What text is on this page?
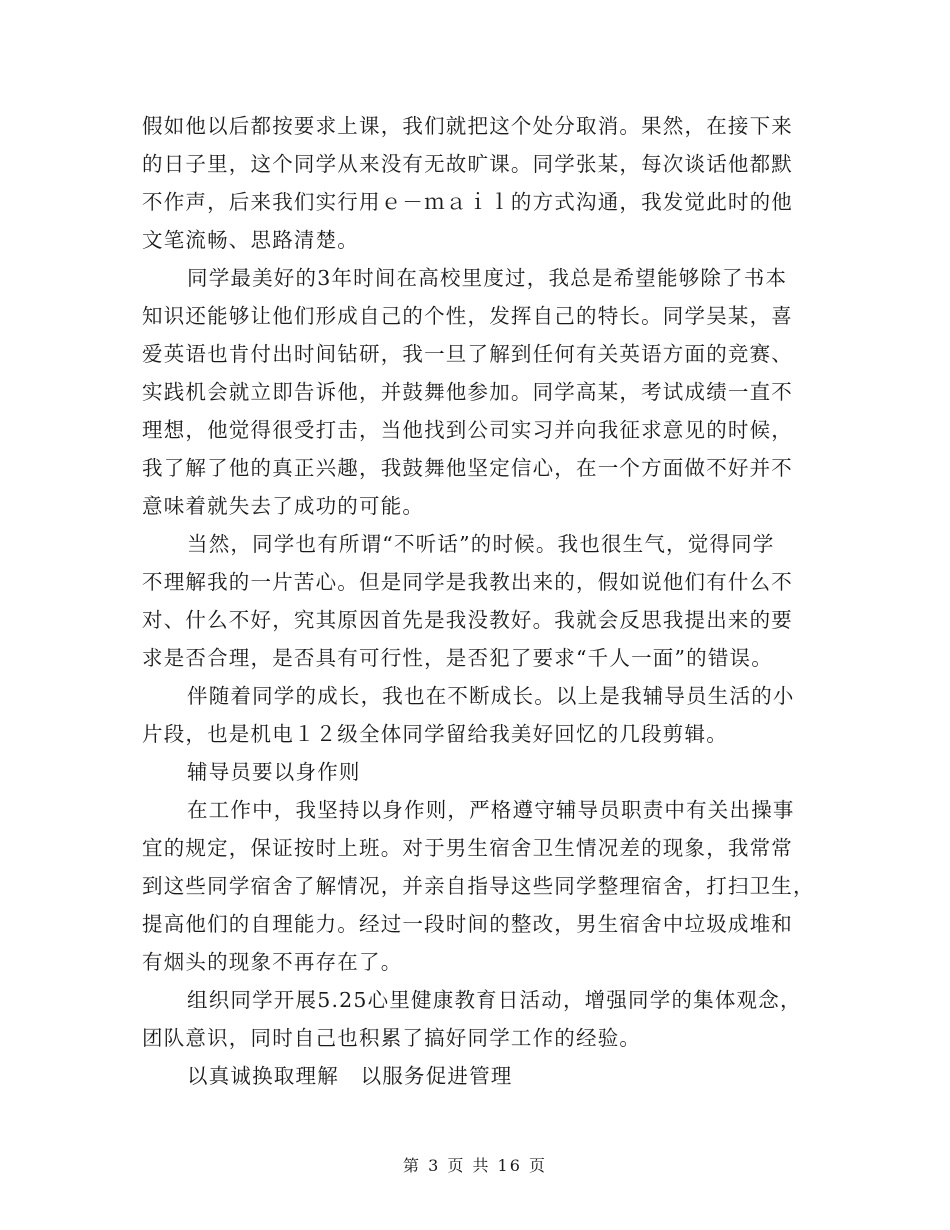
假如他以后都按要求上课，我们就把这个处分取消。果然，在接下来
的日子里，这个同学从来没有无故旷课。同学张某，每次谈话他都默
不作声，后来我们实行用ｅ－ｍａｉｌ的方式沟通，我发觉此时的他
文笔流畅、思路清楚。
同学最美好的3年时间在高校里度过，我总是希望能够除了书本
知识还能够让他们形成自己的个性，发挥自己的特长。同学吴某，喜
爱英语也肯付出时间钻研，我一旦了解到任何有关英语方面的竞赛、
实践机会就立即告诉他，并鼓舞他参加。同学高某，考试成绩一直不
理想，他觉得很受打击，当他找到公司实习并向我征求意见的时候，
我了解了他的真正兴趣，我鼓舞他坚定信心，在一个方面做不好并不
意味着就失去了成功的可能。
当然，同学也有所谓“不听话”的时候。我也很生气，觉得同学
不理解我的一片苦心。但是同学是我教出来的，假如说他们有什么不
对、什么不好，究其原因首先是我没教好。我就会反思我提出来的要
求是否合理，是否具有可行性，是否犯了要求“千人一面”的错误。
伴随着同学的成长，我也在不断成长。以上是我辅导员生活的小
片段，也是机电１２级全体同学留给我美好回忆的几段剪辑。
辅导员要以身作则
在工作中，我坚持以身作则，严格遵守辅导员职责中有关出操事
宜的规定，保证按时上班。对于男生宿舍卫生情况差的现象，我常常
到这些同学宿舍了解情况，并亲自指导这些同学整理宿舍，打扫卫生，
提高他们的自理能力。经过一段时间的整改，男生宿舍中垃圾成堆和
有烟头的现象不再存在了。
组织同学开展5.25心里健康教育日活动，增强同学的集体观念，
团队意识，同时自己也积累了搞好同学工作的经验。
以真诚换取理解　以服务促进管理
第 3 页 共 16 页
